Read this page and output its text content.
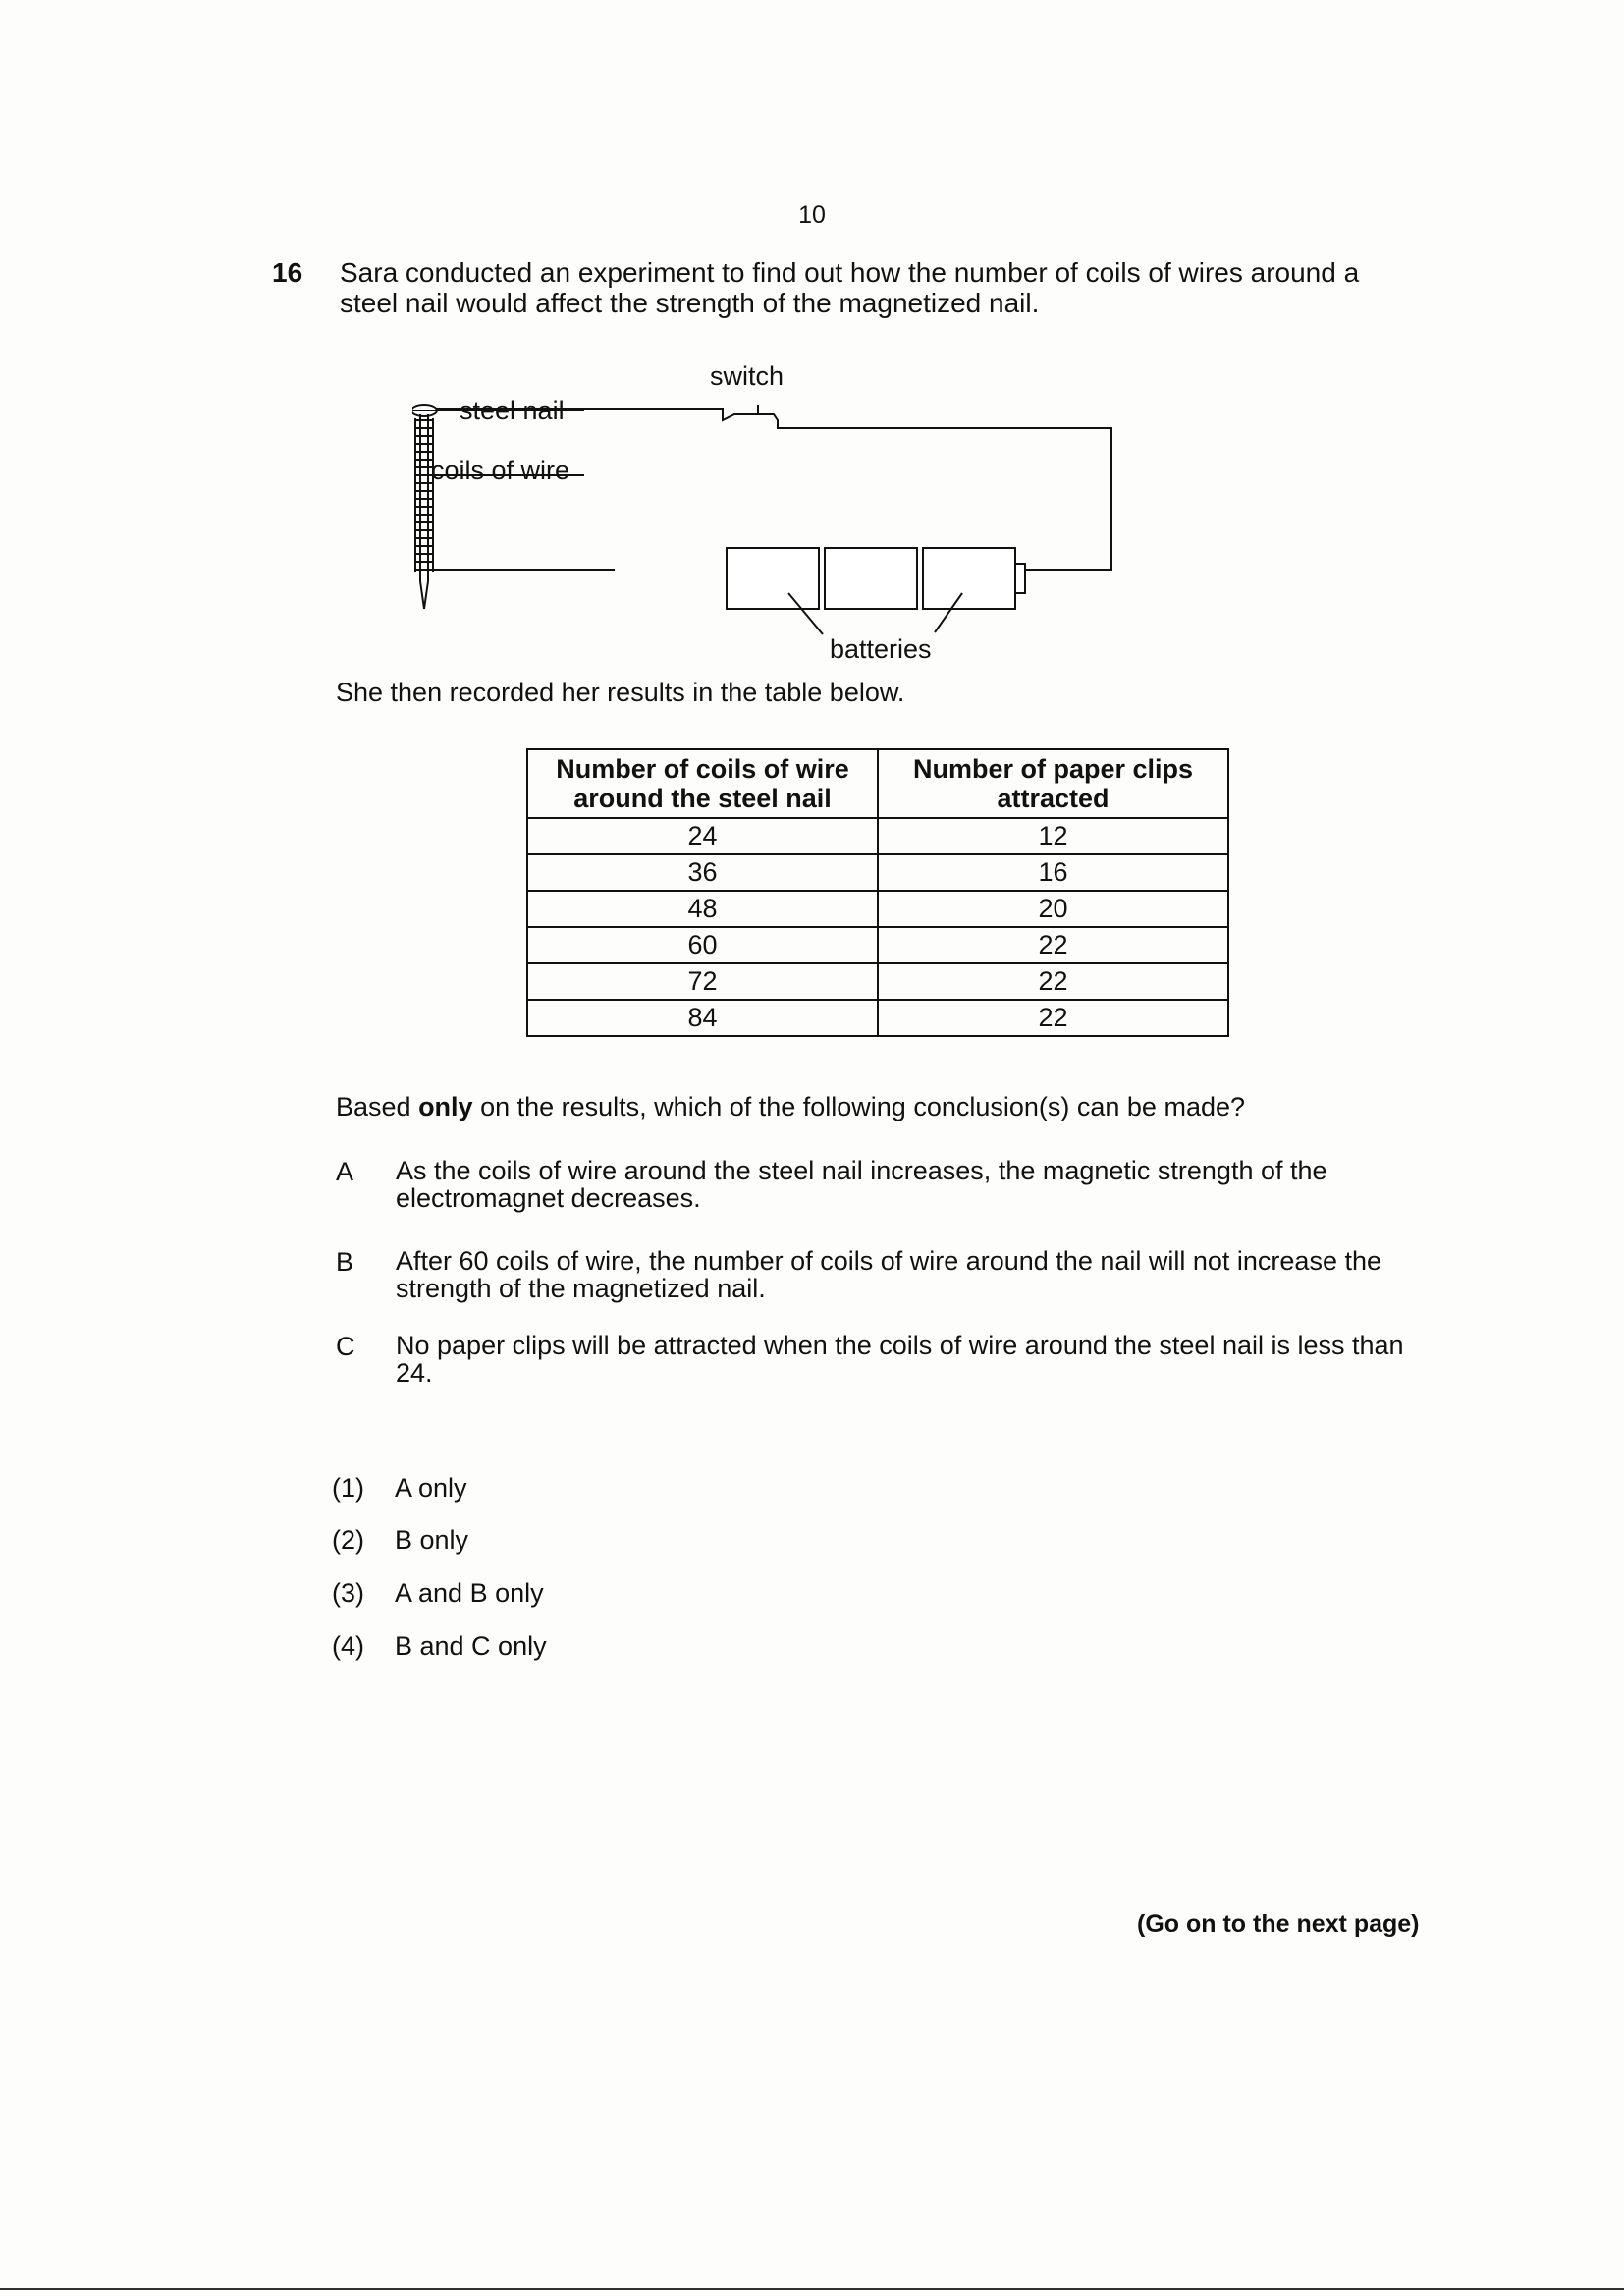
10
16 Sara conducted an experiment to find out how the number of coils of wires around a steel nail would affect the strength of the magnetized nail.
steel nail
coils of wire
switch
batteries
She then recorded her results in the table below.
Number of coils of wire around the steel nail	Number of paper clips attracted
24	12
36	16
48	20
60	22
72	22
84	22
Based only on the results, which of the following conclusion(s) can be made?
A As the coils of wire around the steel nail increases, the magnetic strength of the electromagnet decreases.
B After 60 coils of wire, the number of coils of wire around the nail will not increase the strength of the magnetized nail.
C No paper clips will be attracted when the coils of wire around the steel nail is less than 24.
(1) A only
(2) B only
(3) A and B only
(4) B and C only
(Go on to the next page)
